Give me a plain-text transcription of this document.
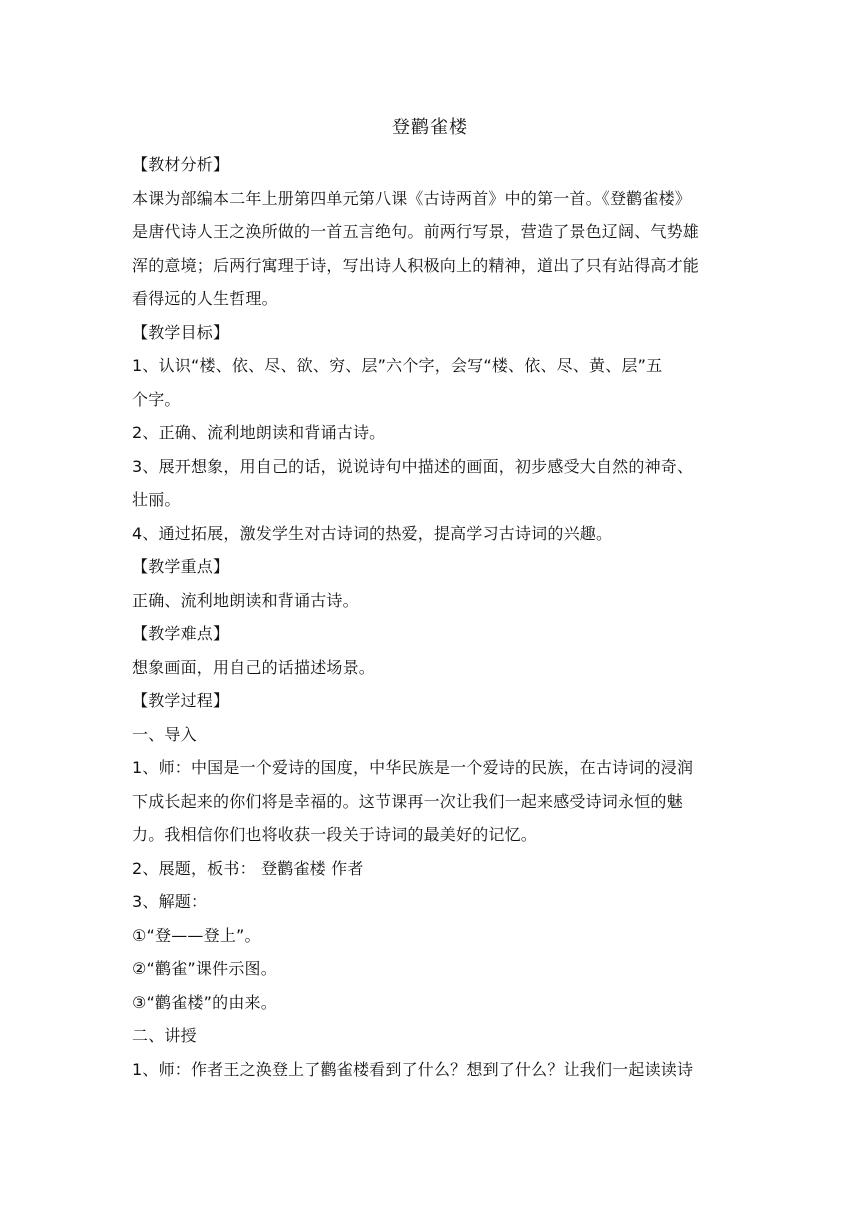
登鹳雀楼
【教材分析】
本课为部编本二年上册第四单元第八课《古诗两首》中的第一首。《登鹳雀楼》
是唐代诗人王之涣所做的一首五言绝句。前两行写景，营造了景色辽阔、气势雄
浑的意境；后两行寓理于诗，写出诗人积极向上的精神，道出了只有站得高才能
看得远的人生哲理。
【教学目标】
1、认识“楼、依、尽、欲、穷、层”六个字，会写“楼、依、尽、黄、层”五
个字。
2、正确、流利地朗读和背诵古诗。
3、展开想象，用自己的话，说说诗句中描述的画面，初步感受大自然的神奇、
壮丽。
4、通过拓展，激发学生对古诗词的热爱，提高学习古诗词的兴趣。
【教学重点】
正确、流利地朗读和背诵古诗。
【教学难点】
想象画面，用自己的话描述场景。
【教学过程】
一、导入
1、师：中国是一个爱诗的国度，中华民族是一个爱诗的民族，在古诗词的浸润
下成长起来的你们将是幸福的。这节课再一次让我们一起来感受诗词永恒的魅
力。我相信你们也将收获一段关于诗词的最美好的记忆。
2、展题，板书： 登鹳雀楼 作者
3、解题：
①“登——登上”。
②“鹳雀”课件示图。
③“鹳雀楼”的由来。
二、讲授
1、师：作者王之涣登上了鹳雀楼看到了什么？想到了什么？让我们一起读读诗
